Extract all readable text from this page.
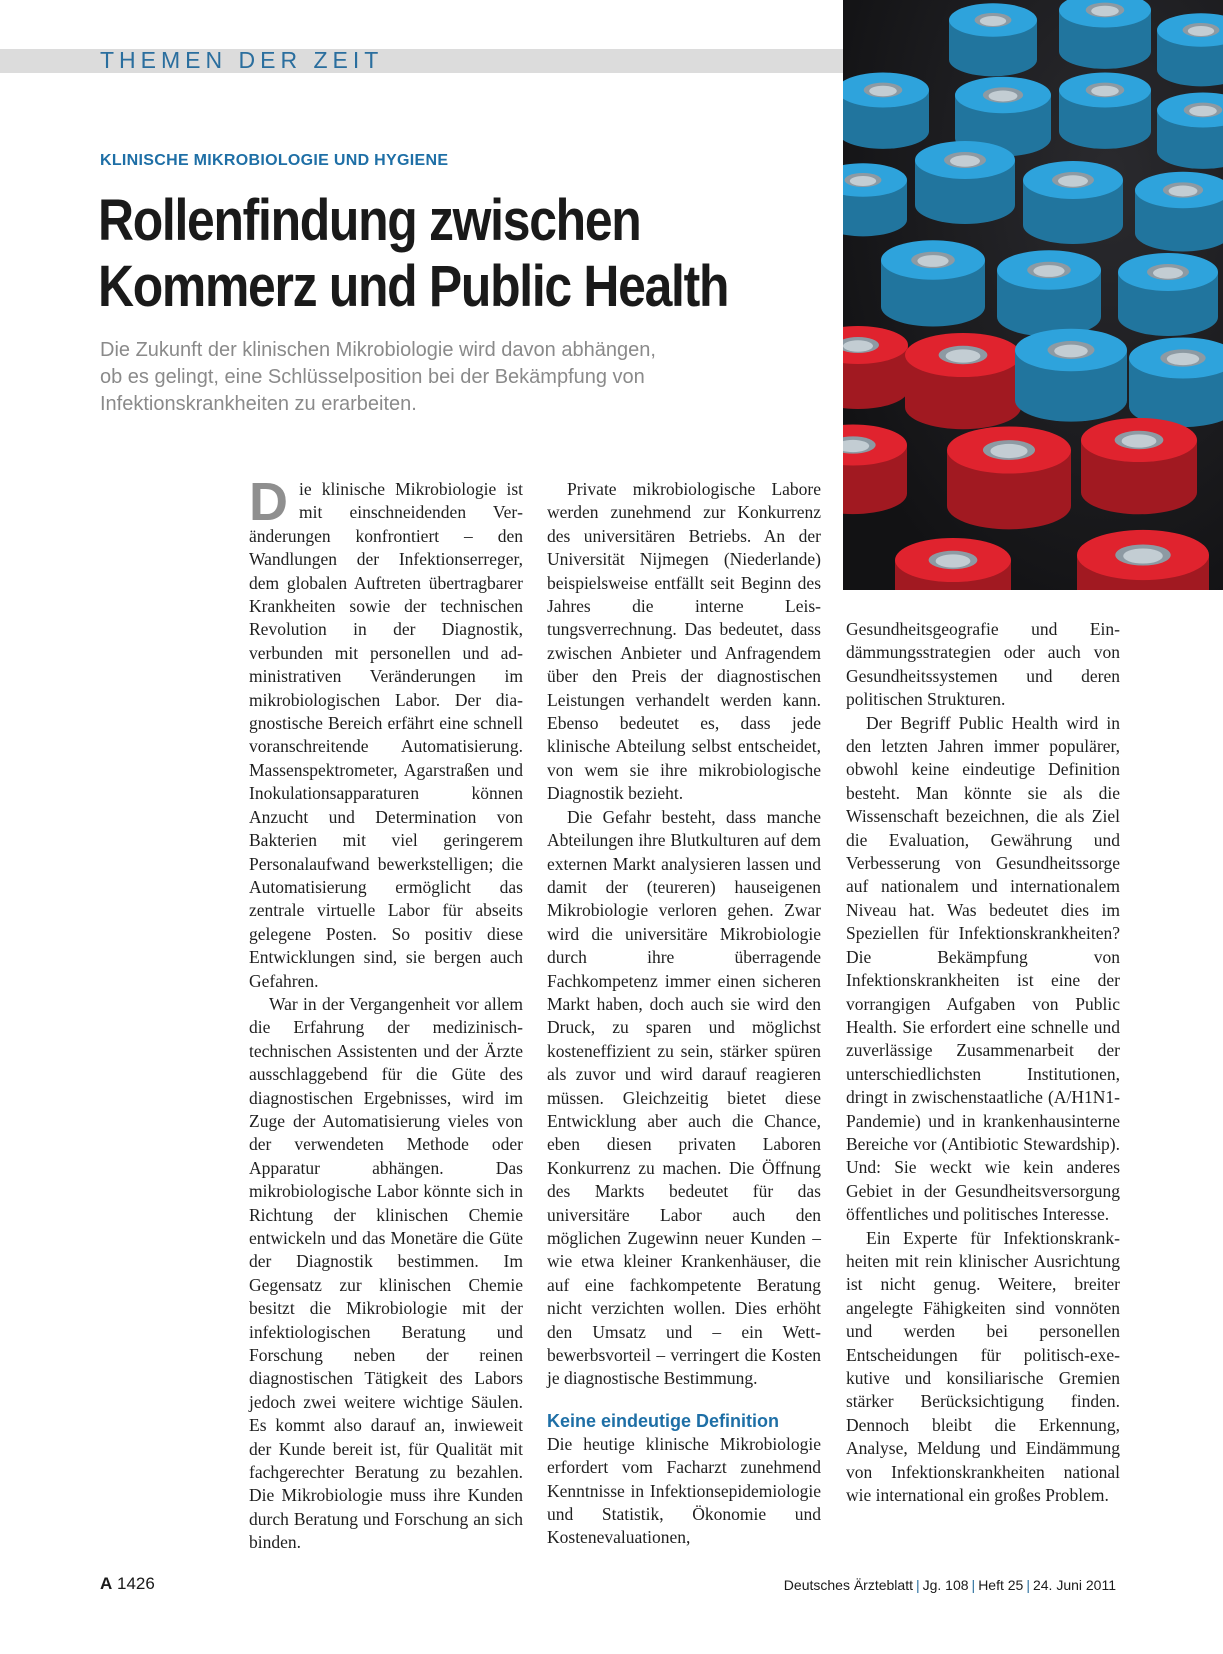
THEMEN DER ZEIT
KLINISCHE MIKROBIOLOGIE UND HYGIENE
Rollenfindung zwischen
Kommerz und Public Health

Die Zukunft der klinischen Mikrobiologie wird davon abhängen,
ob es gelingt, eine Schlüsselposition bei der Bekämpfung von
Infektionskrankheiten zu erarbeiten.

Die klinische Mikrobiologie ist mit einschneidenden Veränderungen konfrontiert – den Wandlungen der Infektionserreger, dem globalen Auftreten übertragbarer Krankheiten sowie der technischen Revolution in der Diagnostik, verbunden mit personellen und administrativen Veränderungen im mikrobiologischen Labor. Der diagnostische Bereich erfährt eine schnell voranschreitende Automatisierung. Massenspektrometer, Agarstraßen und Inokulationsapparaturen können Anzucht und Determination von Bakterien mit viel geringerem Personalaufwand bewerkstelligen; die Automatisierung ermöglicht das zentrale virtuelle Labor für abseits gelegene Posten. So positiv diese Entwicklungen sind, sie bergen auch Gefahren.

War in der Vergangenheit vor allem die Erfahrung der medizinisch-technischen Assistenten und der Ärzte ausschlaggebend für die Güte des diagnostischen Ergebnisses, wird im Zuge der Automatisierung vieles von der verwendeten Methode oder Apparatur abhängen. Das mikrobiologische Labor könnte sich in Richtung der klinischen Chemie entwickeln und das Monetäre die Güte der Diagnostik bestimmen. Im Gegensatz zur klinischen Chemie besitzt die Mikrobiologie mit der infektiologischen Beratung und Forschung neben der reinen diagnostischen Tätigkeit des Labors jedoch zwei weitere wichtige Säulen. Es kommt also darauf an, inwieweit der Kunde bereit ist, für Qualität mit fachgerechter Beratung zu bezahlen. Die Mikrobiologie muss ihre Kunden durch Beratung und Forschung an sich binden.

Private mikrobiologische Labore werden zunehmend zur Konkurrenz des universitären Betriebs. An der Universität Nijmegen (Niederlande) beispielsweise entfällt seit Beginn des Jahres die interne Leistungsverrechnung. Das bedeutet, dass zwischen Anbieter und Anfragendem über den Preis der diagnostischen Leistungen verhandelt werden kann. Ebenso bedeutet es, dass jede klinische Abteilung selbst entscheidet, von wem sie ihre mikrobiologische Diagnostik bezieht.

Die Gefahr besteht, dass manche Abteilungen ihre Blutkulturen auf dem externen Markt analysieren lassen und damit der (teureren) hauseigenen Mikrobiologie verloren gehen. Zwar wird die universitäre Mikrobiologie durch ihre überragende Fachkompetenz immer einen sicheren Markt haben, doch auch sie wird den Druck, zu sparen und möglichst kosteneffizient zu sein, stärker spüren als zuvor und wird darauf reagieren müssen. Gleichzeitig bietet diese Entwicklung aber auch die Chance, eben diesen privaten Laboren Konkurrenz zu machen. Die Öffnung des Markts bedeutet für das universitäre Labor auch den möglichen Zugewinn neuer Kunden – wie etwa kleiner Krankenhäuser, die auf eine fachkompetente Beratung nicht verzichten wollen. Dies erhöht den Umsatz und – ein Wettbewerbsvorteil – verringert die Kosten je diagnostische Bestimmung.

Keine eindeutige Definition

Die heutige klinische Mikrobiologie erfordert vom Facharzt zunehmend Kenntnisse in Infektionsepidemiologie und Statistik, Ökonomie und Kostenevaluationen,

Gesundheitsgeografie und Eindämmungsstrategien oder auch von Gesundheitssystemen und deren politischen Strukturen.

Der Begriff Public Health wird in den letzten Jahren immer populärer, obwohl keine eindeutige Definition besteht. Man könnte sie als die Wissenschaft bezeichnen, die als Ziel die Evaluation, Gewährung und Verbesserung von Gesundheitssorge auf nationalem und internationalem Niveau hat. Was bedeutet dies im Speziellen für Infektionskrankheiten? Die Bekämpfung von Infektionskrankheiten ist eine der vorrangigen Aufgaben von Public Health. Sie erfordert eine schnelle und zuverlässige Zusammenarbeit der unterschiedlichsten Institutionen, dringt in zwischenstaatliche (A/H1N1-Pandemie) und in krankenhausinterne Bereiche vor (Antibiotic Stewardship). Und: Sie weckt wie kein anderes Gebiet in der Gesundheitsversorgung öffentliches und politisches Interesse.

Ein Experte für Infektionskrankheiten mit rein klinischer Ausrichtung ist nicht genug. Weitere, breiter angelegte Fähigkeiten sind vonnöten und werden bei personellen Entscheidungen für politisch-exekutive und konsiliarische Gremien stärker Berücksichtigung finden. Dennoch bleibt die Erkennung, Analyse, Meldung und Eindämmung von Infektionskrankheiten national wie international ein großes Problem.

A 1426	Deutsches Ärzteblatt | Jg. 108 | Heft 25 | 24. Juni 2011
